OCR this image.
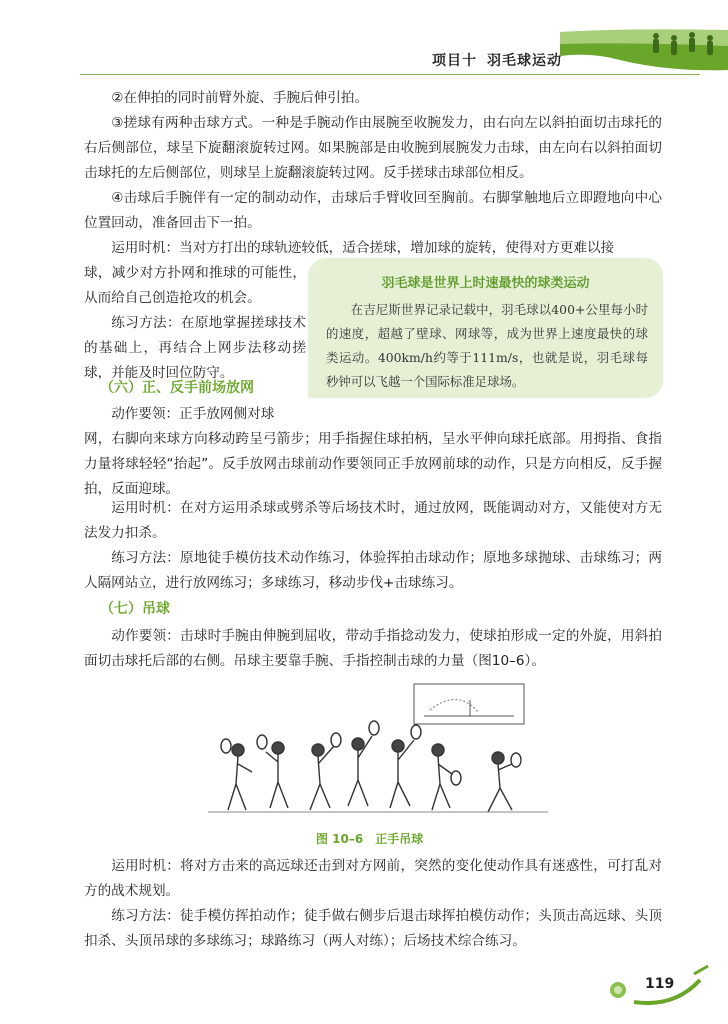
项目十 羽毛球运动

②在伸拍的同时前臂外旋、手腕后伸引拍。

③搓球有两种击球方式。一种是手腕动作由展腕至收腕发力，由右向左以斜拍面切击球托的右后侧部位，球呈下旋翻滚旋转过网。如果腕部是由收腕到展腕发力击球，由左向右以斜拍面切击球托的左后侧部位，则球呈上旋翻滚旋转过网。反手搓球击球部位相反。

④击球后手腕伴有一定的制动动作，击球后手臂收回至胸前。右脚掌触地后立即蹬地向中心位置回动，准备回击下一拍。

运用时机：当对方打出的球轨迹较低，适合搓球，增加球的旋转，使得对方更难以接

球，减少对方扑网和推球的可能性，从而给自己创造抢攻的机会。

练习方法：在原地掌握搓球技术的基础上，再结合上网步法移动搓球，并能及时回位防守。

羽毛球是世界上时速最快的球类运动

在吉尼斯世界记录记载中，羽毛球以400+公里每小时的速度，超越了壁球、网球等，成为世界上速度最快的球类运动。400km/h约等于111m/s，也就是说，羽毛球每秒钟可以飞越一个国际标准足球场。

（六）正、反手前场放网

动作要领：正手放网侧对球

网，右脚向来球方向移动跨呈弓箭步；用手指握住球拍柄，呈水平伸向球托底部。用拇指、食指力量将球轻轻“抬起”。反手放网击球前动作要领同正手放网前球的动作，只是方向相反，反手握拍，反面迎球。

运用时机：在对方运用杀球或劈杀等后场技术时，通过放网，既能调动对方，又能使对方无法发力扣杀。

练习方法：原地徒手模仿技术动作练习，体验挥拍击球动作；原地多球抛球、击球练习；两人隔网站立，进行放网练习；多球练习，移动步伐+击球练习。

（七）吊球

动作要领：击球时手腕由伸腕到屈收，带动手指捻动发力，使球拍形成一定的外旋，用斜拍面切击球托后部的右侧。吊球主要靠手腕、手指控制击球的力量（图10–6）。

图 10–6 正手吊球

运用时机：将对方击来的高远球还击到对方网前，突然的变化使动作具有迷惑性，可打乱对方的战术规划。

练习方法：徒手模仿挥拍动作；徒手做右侧步后退击球挥拍模仿动作；头顶击高远球、头顶扣杀、头顶吊球的多球练习；球路练习（两人对练）；后场技术综合练习。

119
